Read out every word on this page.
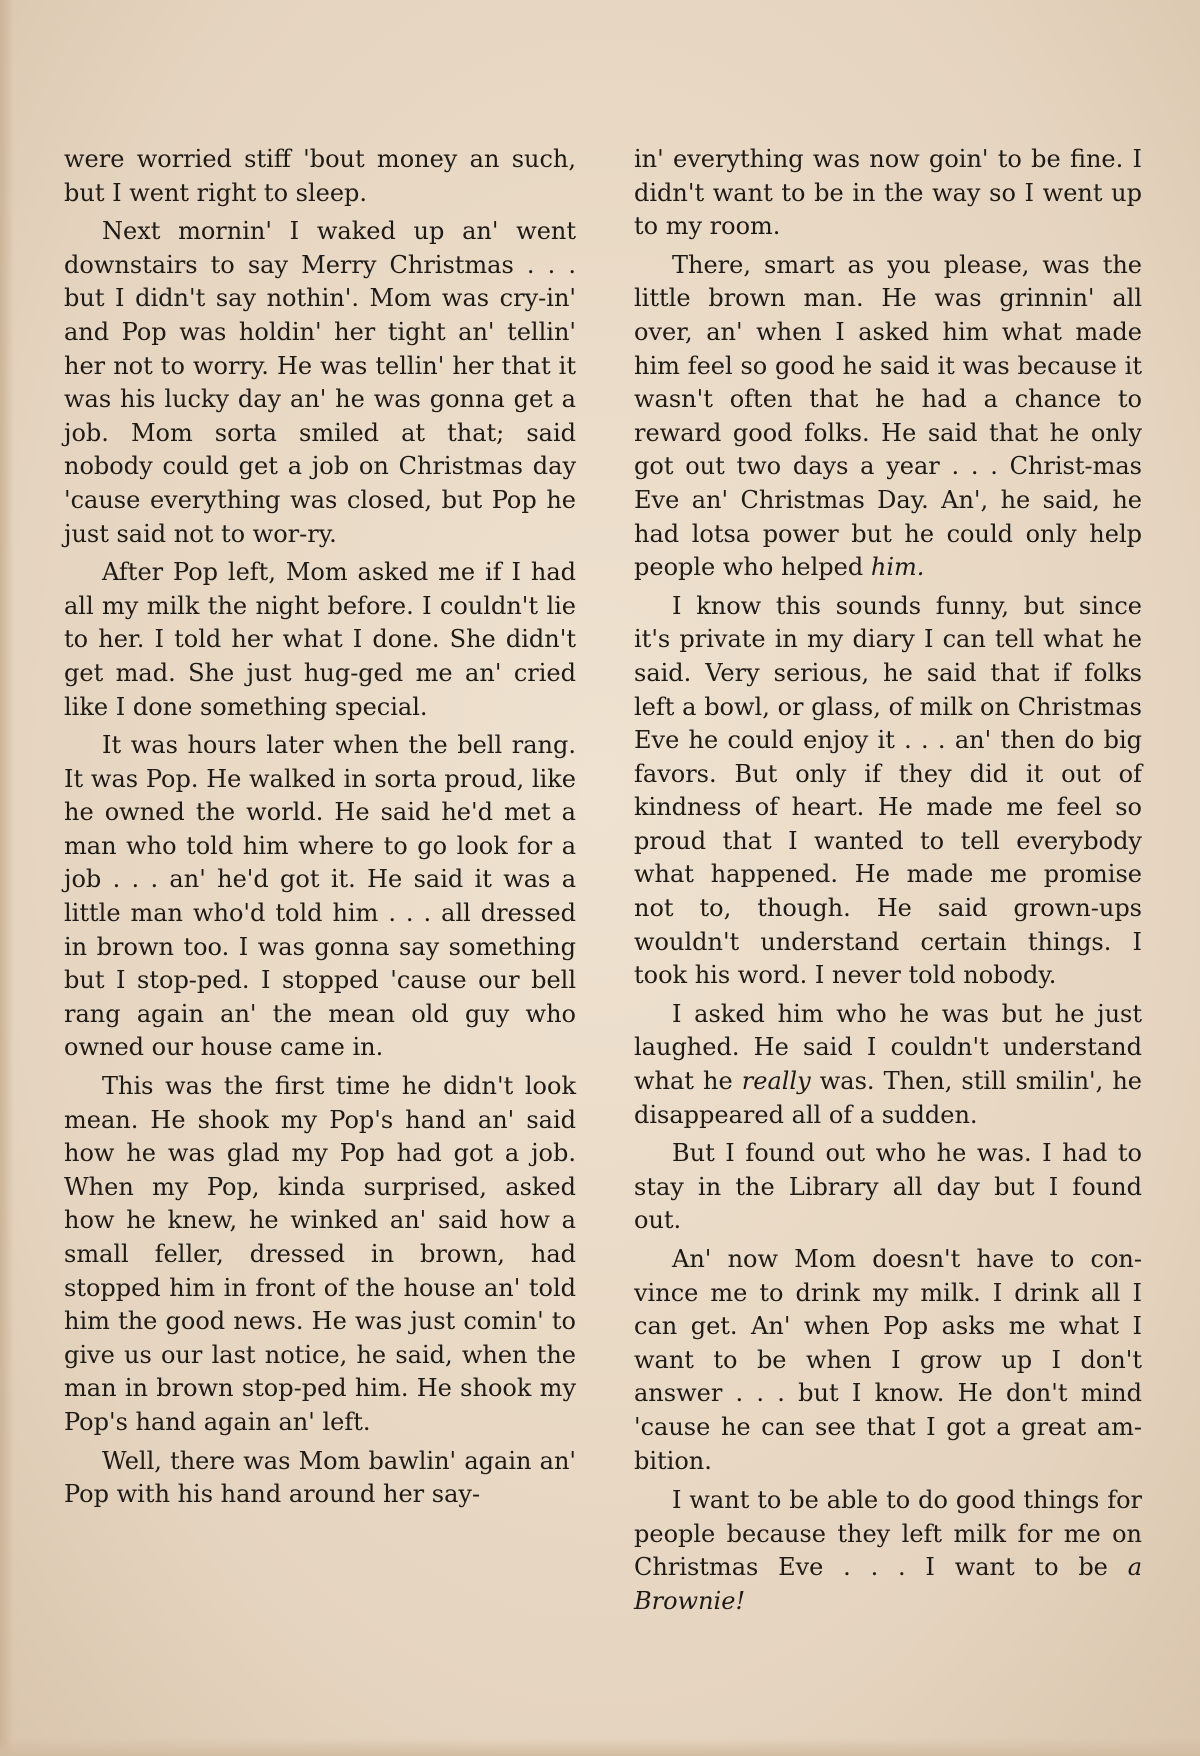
were worried stiff 'bout money an such, but I went right to sleep.

Next mornin' I waked up an' went downstairs to say Merry Christmas . . . but I didn't say nothin'. Mom was cry-in' and Pop was holdin' her tight an' tellin' her not to worry. He was tellin' her that it was his lucky day an' he was gonna get a job. Mom sorta smiled at that; said nobody could get a job on Christmas day 'cause everything was closed, but Pop he just said not to wor-ry.

After Pop left, Mom asked me if I had all my milk the night before. I couldn't lie to her. I told her what I done. She didn't get mad. She just hug-ged me an' cried like I done something special.

It was hours later when the bell rang. It was Pop. He walked in sorta proud, like he owned the world. He said he'd met a man who told him where to go look for a job . . . an' he'd got it. He said it was a little man who'd told him . . . all dressed in brown too. I was gonna say something but I stop-ped. I stopped 'cause our bell rang again an' the mean old guy who owned our house came in.

This was the first time he didn't look mean. He shook my Pop's hand an' said how he was glad my Pop had got a job. When my Pop, kinda surprised, asked how he knew, he winked an' said how a small feller, dressed in brown, had stopped him in front of the house an' told him the good news. He was just comin' to give us our last notice, he said, when the man in brown stop-ped him. He shook my Pop's hand again an' left.

Well, there was Mom bawlin' again an' Pop with his hand around her say-

in' everything was now goin' to be fine. I didn't want to be in the way so I went up to my room.

There, smart as you please, was the little brown man. He was grinnin' all over, an' when I asked him what made him feel so good he said it was because it wasn't often that he had a chance to reward good folks. He said that he only got out two days a year . . . Christ-mas Eve an' Christmas Day. An', he said, he had lotsa power but he could only help people who helped him.

I know this sounds funny, but since it's private in my diary I can tell what he said. Very serious, he said that if folks left a bowl, or glass, of milk on Christmas Eve he could enjoy it . . . an' then do big favors. But only if they did it out of kindness of heart. He made me feel so proud that I wanted to tell everybody what happened. He made me promise not to, though. He said grown-ups wouldn't understand certain things. I took his word. I never told nobody.

I asked him who he was but he just laughed. He said I couldn't understand what he really was. Then, still smilin', he disappeared all of a sudden.

But I found out who he was. I had to stay in the Library all day but I found out.

An' now Mom doesn't have to con-vince me to drink my milk. I drink all I can get. An' when Pop asks me what I want to be when I grow up I don't answer . . . but I know. He don't mind 'cause he can see that I got a great am-bition.

I want to be able to do good things for people because they left milk for me on Christmas Eve . . . I want to be a Brownie!
